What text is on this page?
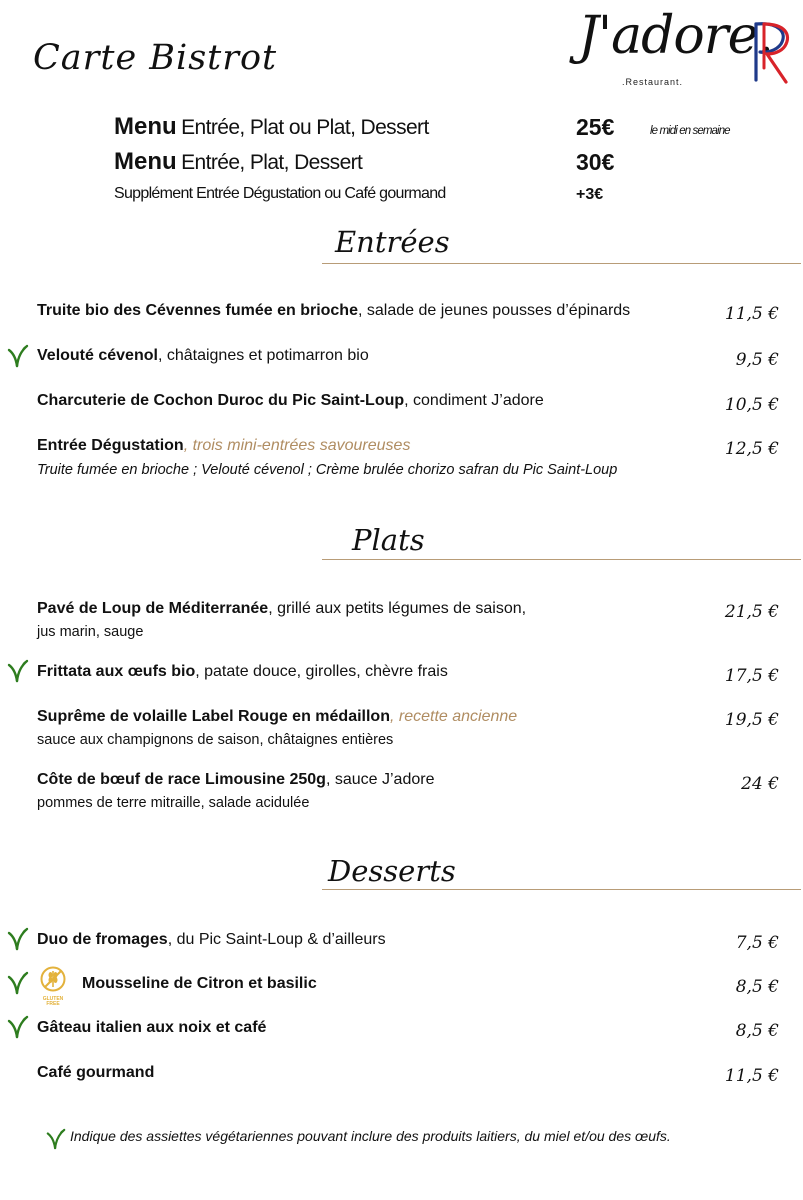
Carte Bistrot	J'adore.
.Restaurant.
Menu Entrée, Plat ou Plat, Dessert	25€	le midi en semaine
Menu Entrée, Plat, Dessert	30€
Supplément Entrée Dégustation ou Café gourmand	+3€
Entrées
Truite bio des Cévennes fumée en brioche, salade de jeunes pousses d’épinards	11,5 €
Velouté cévenol, châtaignes et potimarron bio	9,5 €
Charcuterie de Cochon Duroc du Pic Saint-Loup, condiment J’adore	10,5 €
Entrée Dégustation, trois mini-entrées savoureuses	12,5 €
Truite fumée en brioche ; Velouté cévenol ; Crème brulée chorizo safran du Pic Saint-Loup
Plats
Pavé de Loup de Méditerranée, grillé aux petits légumes de saison,	21,5 €
jus marin, sauge
Frittata aux œufs bio, patate douce, girolles, chèvre frais	17,5 €
Suprême de volaille Label Rouge en médaillon, recette ancienne	19,5 €
sauce aux champignons de saison, châtaignes entières
Côte de bœuf de race Limousine 250g, sauce J’adore	24 €
pommes de terre mitraille, salade acidulée
Desserts
Duo de fromages, du Pic Saint-Loup & d’ailleurs	7,5 €
GLUTEN
FREE
Mousseline de Citron et basilic	8,5 €
Gâteau italien aux noix et café	8,5 €
Café gourmand	11,5 €
Indique des assiettes végétariennes pouvant inclure des produits laitiers, du miel et/ou des œufs.
